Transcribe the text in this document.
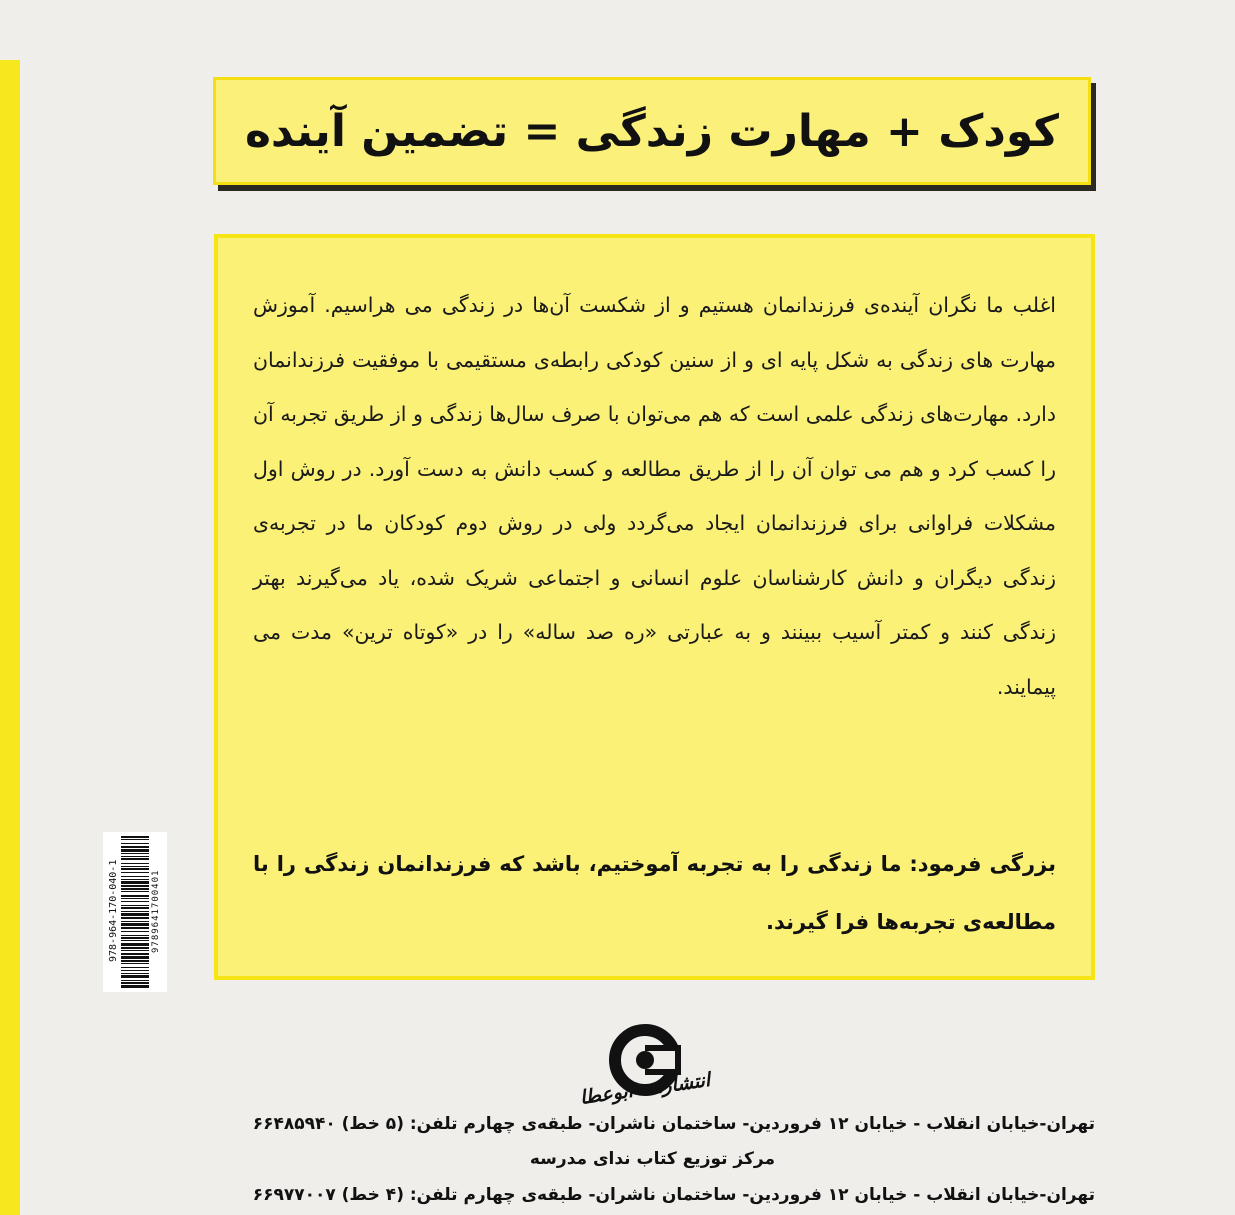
کودک + مهارت زندگی = تضمین آینده
اغلب ما نگران آینده‌ی فرزندانمان هستیم و از شکست آن‌ها در زندگی می هراسیم. آموزش مهارت های زندگی به شکل پایه ای و از سنین کودکی رابطه‌ی مستقیمی با موفقیت فرزندانمان دارد. مهارت‌های زندگی علمی است که هم می‌توان با صرف سال‌ها زندگی و از طریق تجربه آن را کسب کرد و هم می توان آن را از طریق مطالعه و کسب دانش به دست آورد. در روش اول مشکلات فراوانی برای فرزندانمان ایجاد می‌گردد ولی در روش دوم کودکان ما در تجربه‌ی زندگی دیگران و دانش کارشناسان علوم انسانی و اجتماعی شریک شده، یاد می‌گیرند بهتر زندگی کنند و کمتر آسیب ببینند و به عبارتی «ره صد ساله» را در «کوتاه ترین» مدت می پیمایند.
بزرگی فرمود: ما زندگی را به تجربه آموختیم، باشد که فرزندانمان زندگی را با مطالعه‌ی تجربه‌ها فرا گیرند.
978-964-170-040-1	9789641700401
انتشارات ابوعطا
تهران-خیابان انقلاب - خیابان ۱۲ فروردین- ساختمان ناشران- طبقه‌ی چهارم تلفن: (۵ خط) ۶۶۴۸۵۹۴۰
مرکز توزیع کتاب ندای مدرسه
تهران-خیابان انقلاب - خیابان ۱۲ فروردین- ساختمان ناشران- طبقه‌ی چهارم تلفن: (۴ خط) ۶۶۹۷۷۰۰۷
